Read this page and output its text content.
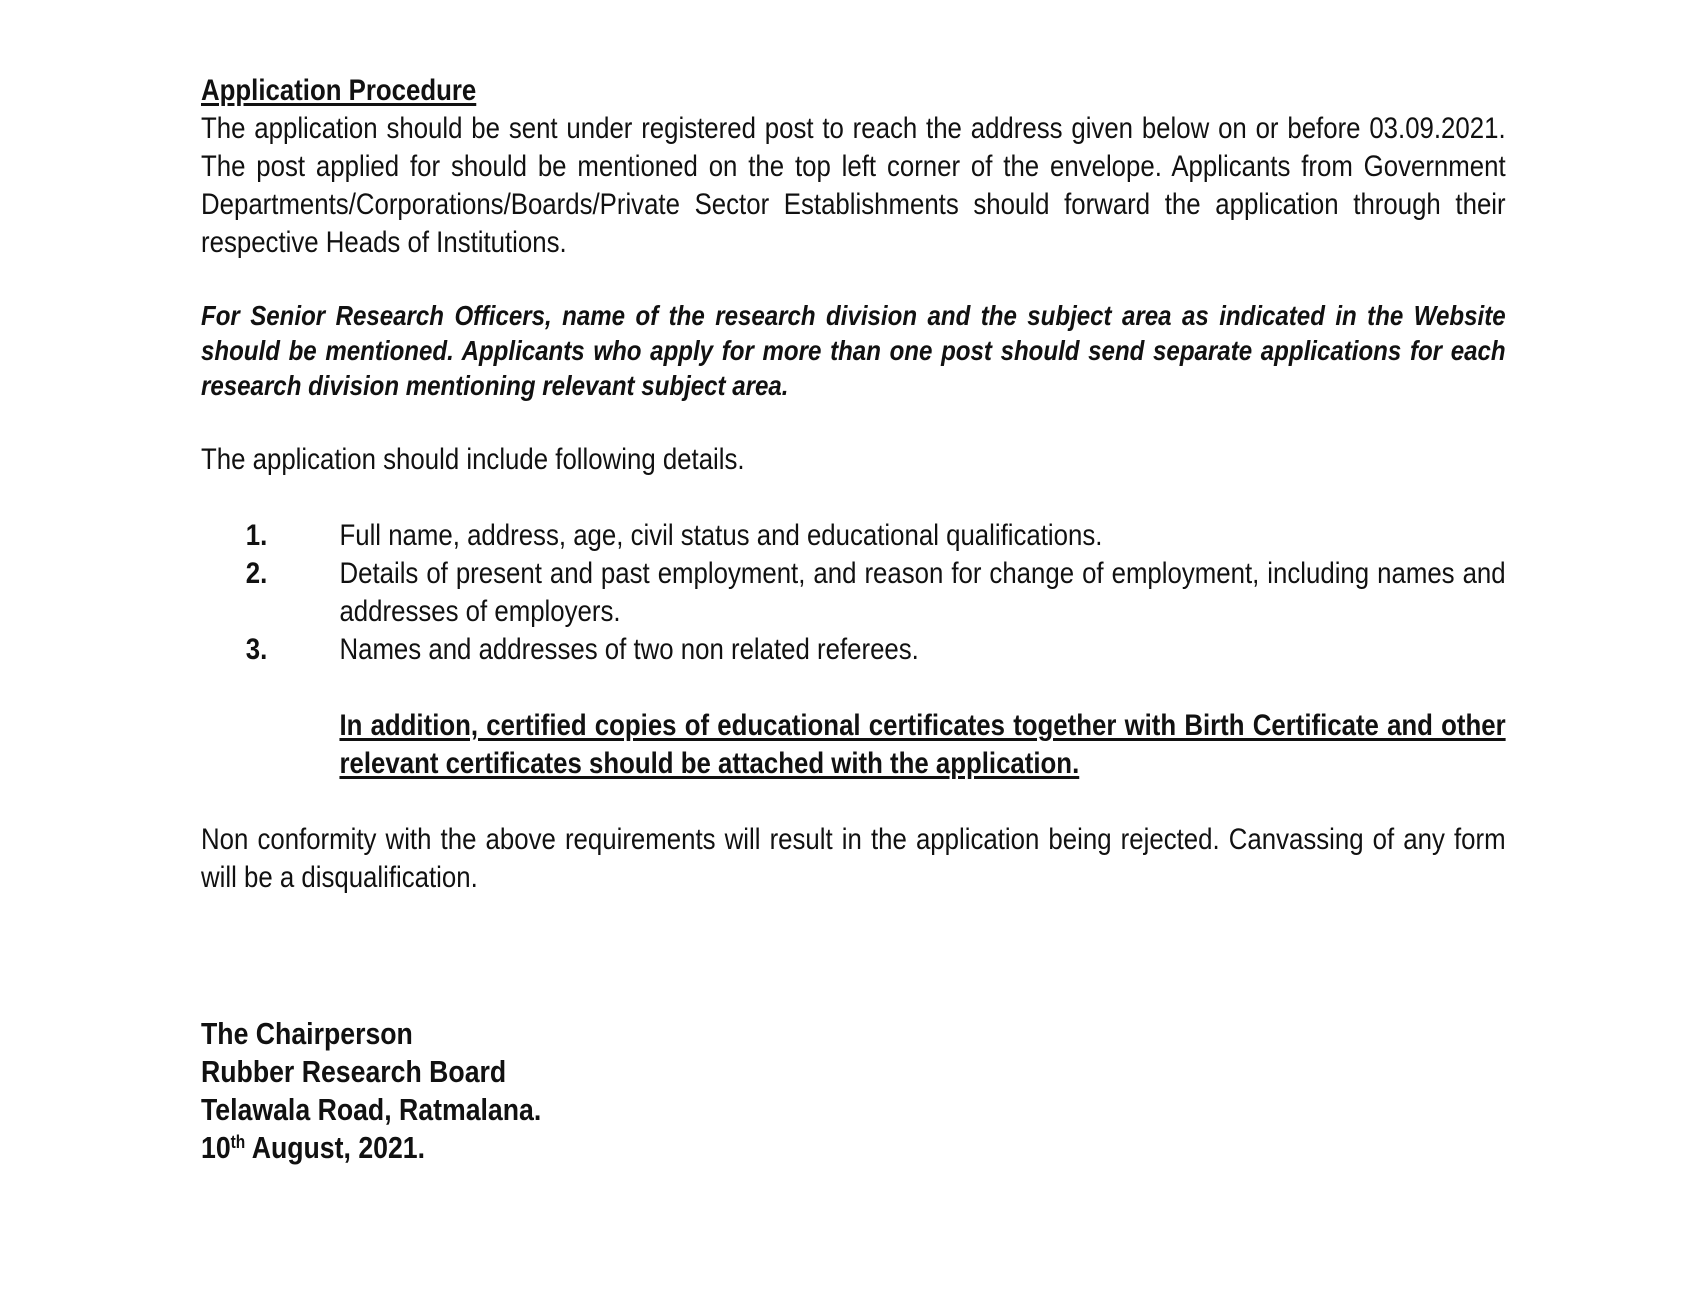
Application Procedure

The application should be sent under registered post to reach the address given below on or before 03.09.2021. The post applied for should be mentioned on the top left corner of the envelope. Applicants from Government Departments/Corporations/Boards/Private Sector Establishments should forward the application through their respective Heads of Institutions.

For Senior Research Officers, name of the research division and the subject area as indicated in the Website should be mentioned. Applicants who apply for more than one post should send separate applications for each research division mentioning relevant subject area.

The application should include following details.

1.	Full name, address, age, civil status and educational qualifications.
2.	Details of present and past employment, and reason for change of employment, including names and addresses of employers.
3.	Names and addresses of two non related referees.
In addition, certified copies of educational certificates together with Birth Certificate and other relevant certificates should be attached with the application.

Non conformity with the above requirements will result in the application being rejected. Canvassing of any form will be a disqualification.

The Chairperson
Rubber Research Board
Telawala Road, Ratmalana.
10th August, 2021.
